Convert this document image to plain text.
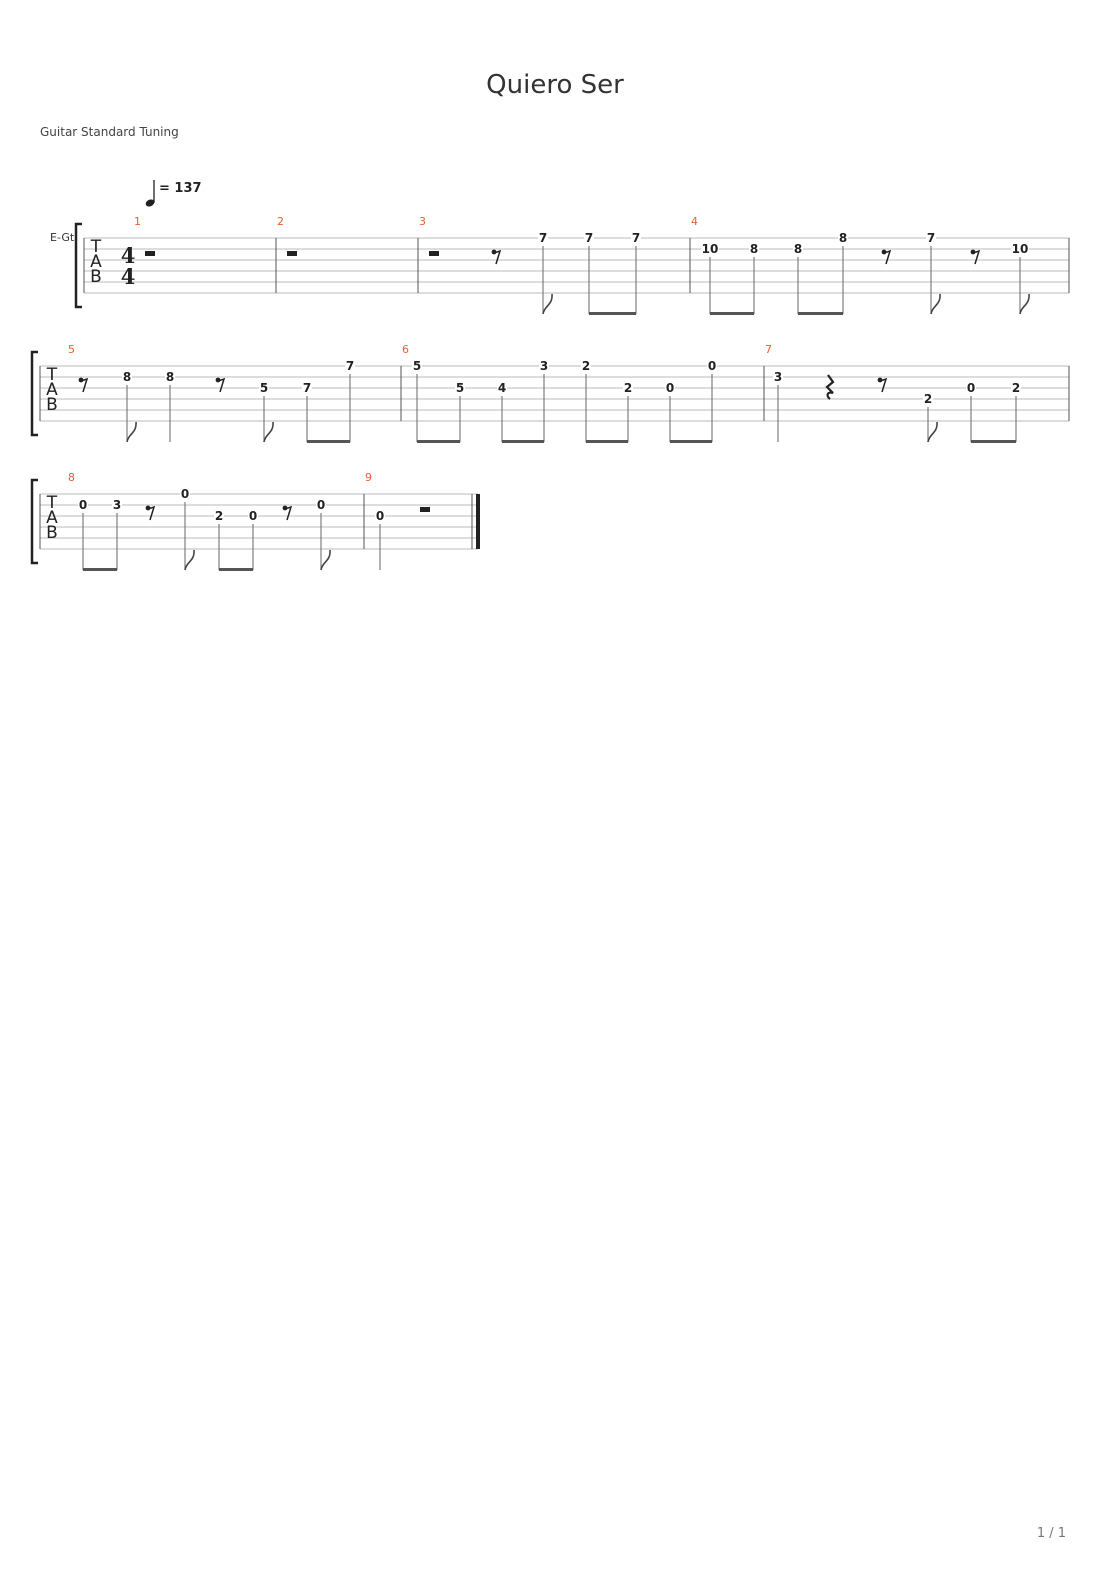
Quiero Ser
Guitar Standard Tuning
1 / 1
T
A
B
E-Gt
4
4
= 137
1	2	3
7	7	7
4
10	8	8
8	7
10
T
A
B
5
8	8
5	7
7
6
5
5	4
3	2
2	0
0
7
3
2
0	2
T
A
B
8
0 3
0
2 0
0
9
0
